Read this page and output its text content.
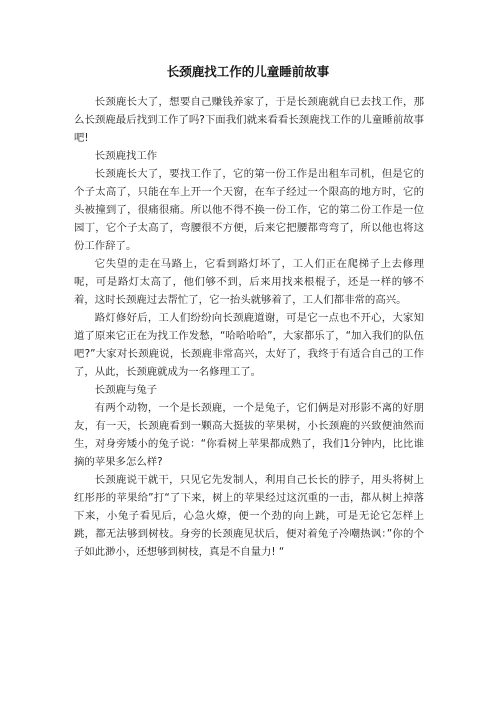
长颈鹿找工作的儿童睡前故事

长颈鹿长大了，想要自己赚钱养家了，于是长颈鹿就自已去找工作，那么长颈鹿最后找到工作了吗?下面我们就来看看长颈鹿找工作的儿童睡前故事吧!

长颈鹿找工作

长颈鹿长大了，要找工作了，它的第一份工作是出租车司机，但是它的个子太高了，只能在车上开一个天窗，在车子经过一个限高的地方时，它的头被撞到了，很痛很痛。所以他不得不换一份工作，它的第二份工作是一位园丁，它个子太高了，弯腰很不方便，后来它把腰都弯弯了，所以他也将这份工作辞了。

它失望的走在马路上，它看到路灯坏了，工人们正在爬梯子上去修理呢，可是路灯太高了，他们够不到，后来用找来根棍子，还是一样的够不着，这时长颈鹿过去帮忙了，它一抬头就够着了，工人们都非常的高兴。

路灯修好后，工人们纷纷向长颈鹿道谢，可是它一点也不开心，大家知道了原来它正在为找工作发愁，“哈哈哈哈”，大家都乐了，“加入我们的队伍吧?”大家对长颈鹿说，长颈鹿非常高兴，太好了，我终于有适合自己的工作了，从此，长颈鹿就成为一名修理工了。

长颈鹿与兔子

有两个动物，一个是长颈鹿，一个是兔子，它们俩是对形影不离的好朋友，有一天，长颈鹿看到一颗高大挺拔的苹果树，小长颈鹿的兴致便油然而生，对身旁矮小的兔子说：“你看树上苹果都成熟了，我们1分钟内，比比谁摘的苹果多怎么样?

长颈鹿说干就干，只见它先发制人，利用自己长长的脖子，用头将树上红彤彤的苹果给”打“了下来，树上的苹果经过这沉重的一击，都从树上掉落下来，小兔子看见后，心急火燎，便一个劲的向上跳，可是无论它怎样上跳，都无法够到树枝。身旁的长颈鹿见状后，便对着兔子冷嘲热讽：”你的个子如此渺小，还想够到树枝，真是不自量力! “
